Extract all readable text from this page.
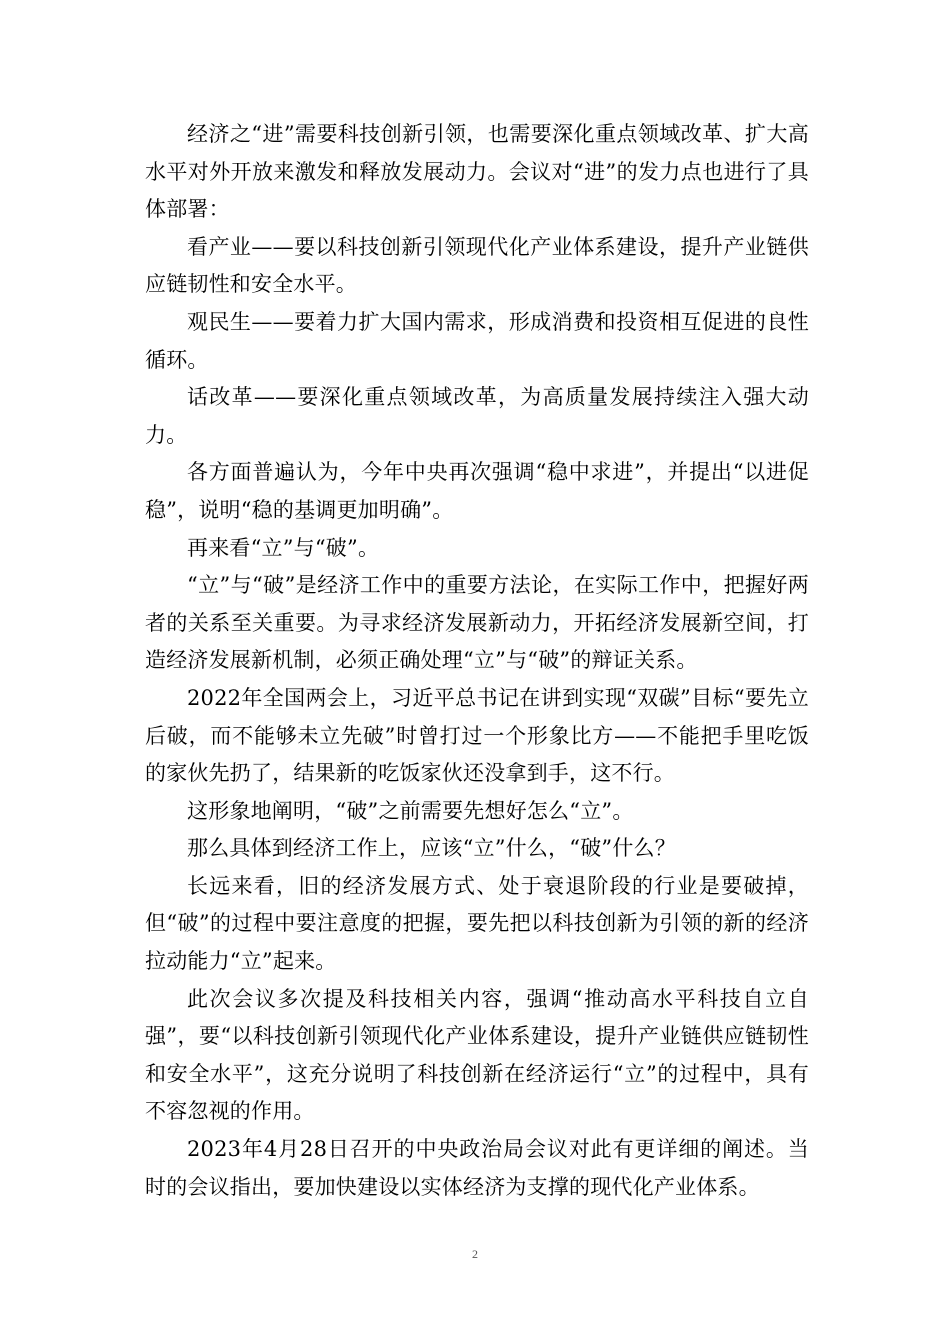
经济之“进”需要科技创新引领，也需要深化重点领域改革、扩大高水平对外开放来激发和释放发展动力。会议对“进”的发力点也进行了具体部署：

看产业——要以科技创新引领现代化产业体系建设，提升产业链供应链韧性和安全水平。

观民生——要着力扩大国内需求，形成消费和投资相互促进的良性循环。

话改革——要深化重点领域改革，为高质量发展持续注入强大动力。

各方面普遍认为，今年中央再次强调“稳中求进”，并提出“以进促稳”，说明“稳的基调更加明确”。

再来看“立”与“破”。

“立”与“破”是经济工作中的重要方法论，在实际工作中，把握好两者的关系至关重要。为寻求经济发展新动力，开拓经济发展新空间，打造经济发展新机制，必须正确处理“立”与“破”的辩证关系。

2022年全国两会上，习近平总书记在讲到实现“双碳”目标“要先立后破，而不能够未立先破”时曾打过一个形象比方——不能把手里吃饭的家伙先扔了，结果新的吃饭家伙还没拿到手，这不行。

这形象地阐明，“破”之前需要先想好怎么“立”。

那么具体到经济工作上，应该“立”什么，“破”什么？

长远来看，旧的经济发展方式、处于衰退阶段的行业是要破掉，但“破”的过程中要注意度的把握，要先把以科技创新为引领的新的经济拉动能力“立”起来。

此次会议多次提及科技相关内容，强调“推动高水平科技自立自强”，要“以科技创新引领现代化产业体系建设，提升产业链供应链韧性和安全水平”，这充分说明了科技创新在经济运行“立”的过程中，具有不容忽视的作用。

2023年4月28日召开的中央政治局会议对此有更详细的阐述。当时的会议指出，要加快建设以实体经济为支撑的现代化产业体系。

2
